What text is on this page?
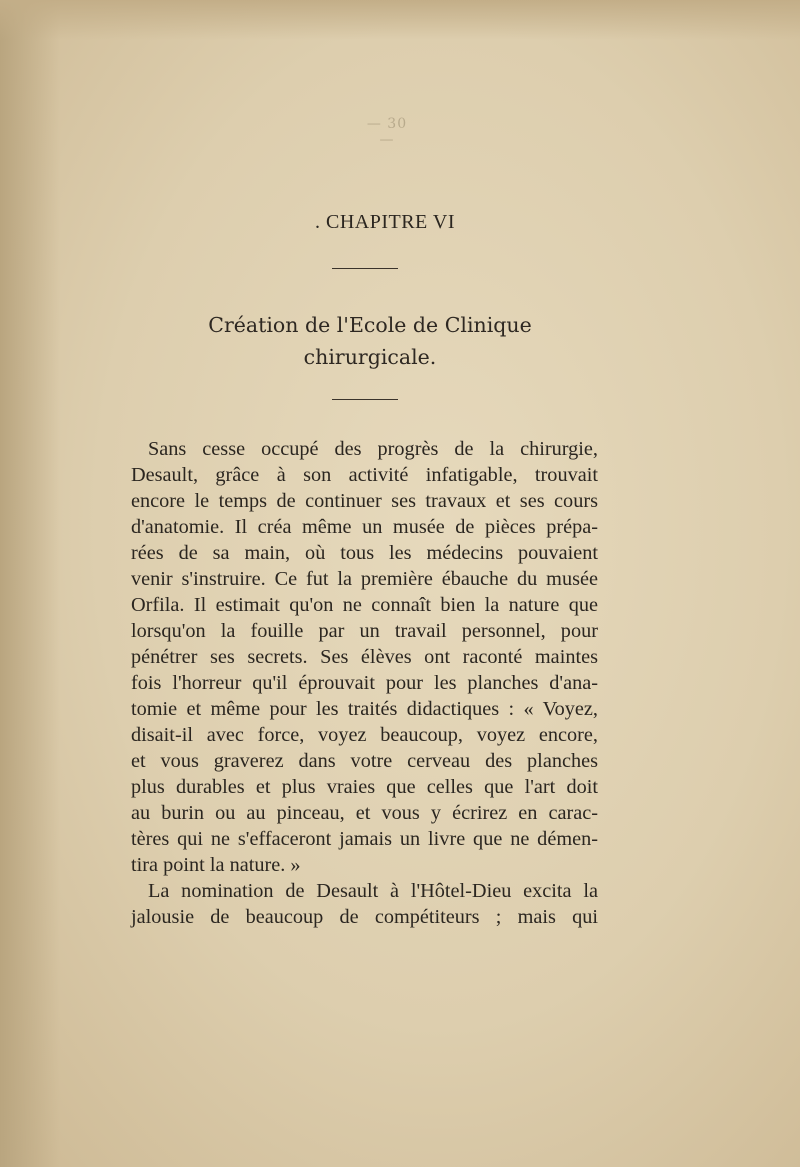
— 30 —
. CHAPITRE VI
Création de l'Ecole de Clinique
chirurgicale.
Sans cesse occupé des progrès de la chirurgie,
Desault, grâce à son activité infatigable, trouvait
encore le temps de continuer ses travaux et ses cours
d'anatomie. Il créa même un musée de pièces prépa-
rées de sa main, où tous les médecins pouvaient
venir s'instruire. Ce fut la première ébauche du musée
Orfila. Il estimait qu'on ne connaît bien la nature que
lorsqu'on la fouille par un travail personnel, pour
pénétrer ses secrets. Ses élèves ont raconté maintes
fois l'horreur qu'il éprouvait pour les planches d'ana-
tomie et même pour les traités didactiques : « Voyez,
disait-il avec force, voyez beaucoup, voyez encore,
et vous graverez dans votre cerveau des planches
plus durables et plus vraies que celles que l'art doit
au burin ou au pinceau, et vous y écrirez en carac-
tères qui ne s'effaceront jamais un livre que ne démen-
tira point la nature. »
La nomination de Desault à l'Hôtel-Dieu excita la
jalousie de beaucoup de compétiteurs ; mais qui
